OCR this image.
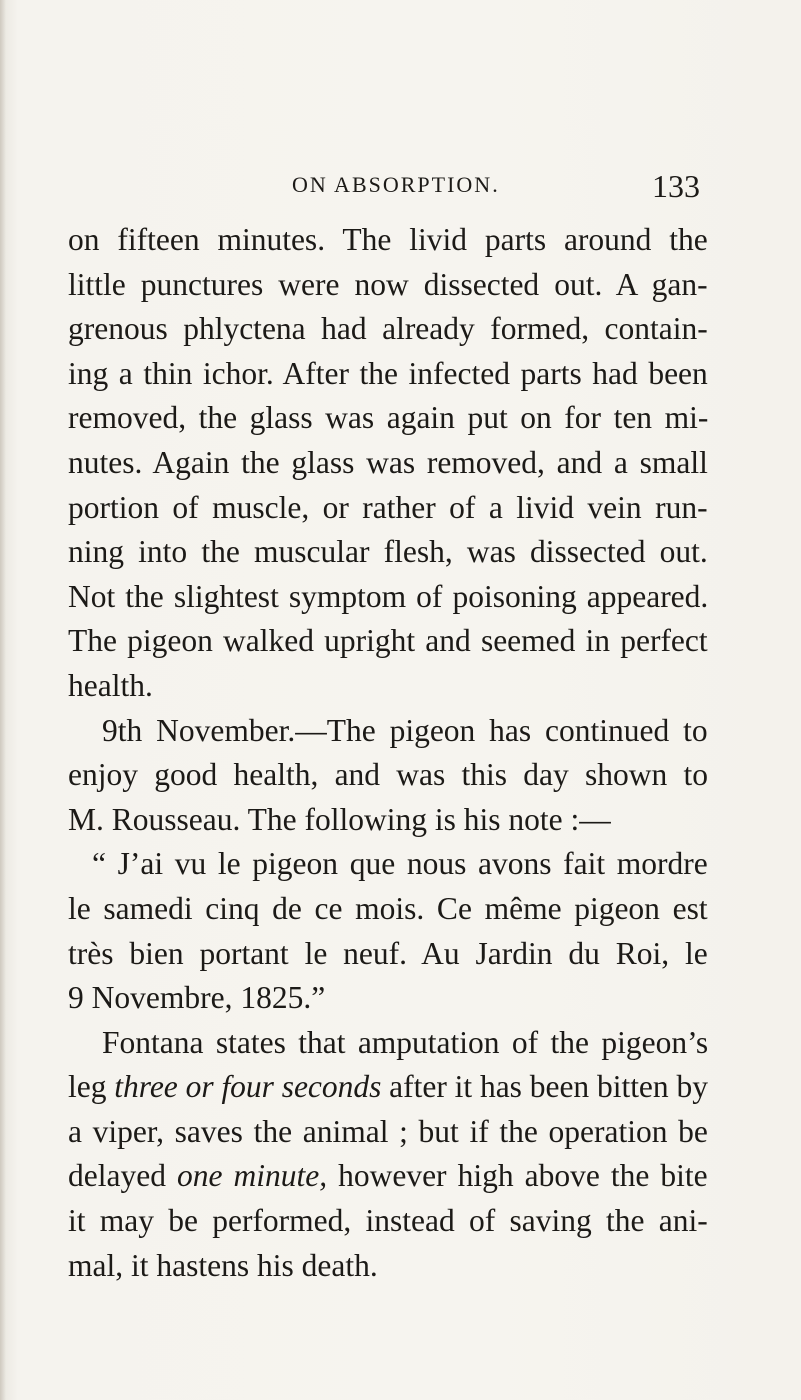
ON ABSORPTION.	133
on fifteen minutes. The livid parts around the
little punctures were now dissected out. A gan-
grenous phlyctena had already formed, contain-
ing a thin ichor. After the infected parts had been
removed, the glass was again put on for ten mi-
nutes. Again the glass was removed, and a small
portion of muscle, or rather of a livid vein run-
ning into the muscular flesh, was dissected out.
Not the slightest symptom of poisoning appeared.
The pigeon walked upright and seemed in perfect
health.
9th November.—The pigeon has continued to
enjoy good health, and was this day shown to
M. Rousseau. The following is his note :—
“ J’ai vu le pigeon que nous avons fait mordre
le samedi cinq de ce mois. Ce même pigeon est
très bien portant le neuf. Au Jardin du Roi, le
9 Novembre, 1825.”
Fontana states that amputation of the pigeon’s
leg three or four seconds after it has been bitten by
a viper, saves the animal ; but if the operation be
delayed one minute, however high above the bite
it may be performed, instead of saving the ani-
mal, it hastens his death.
